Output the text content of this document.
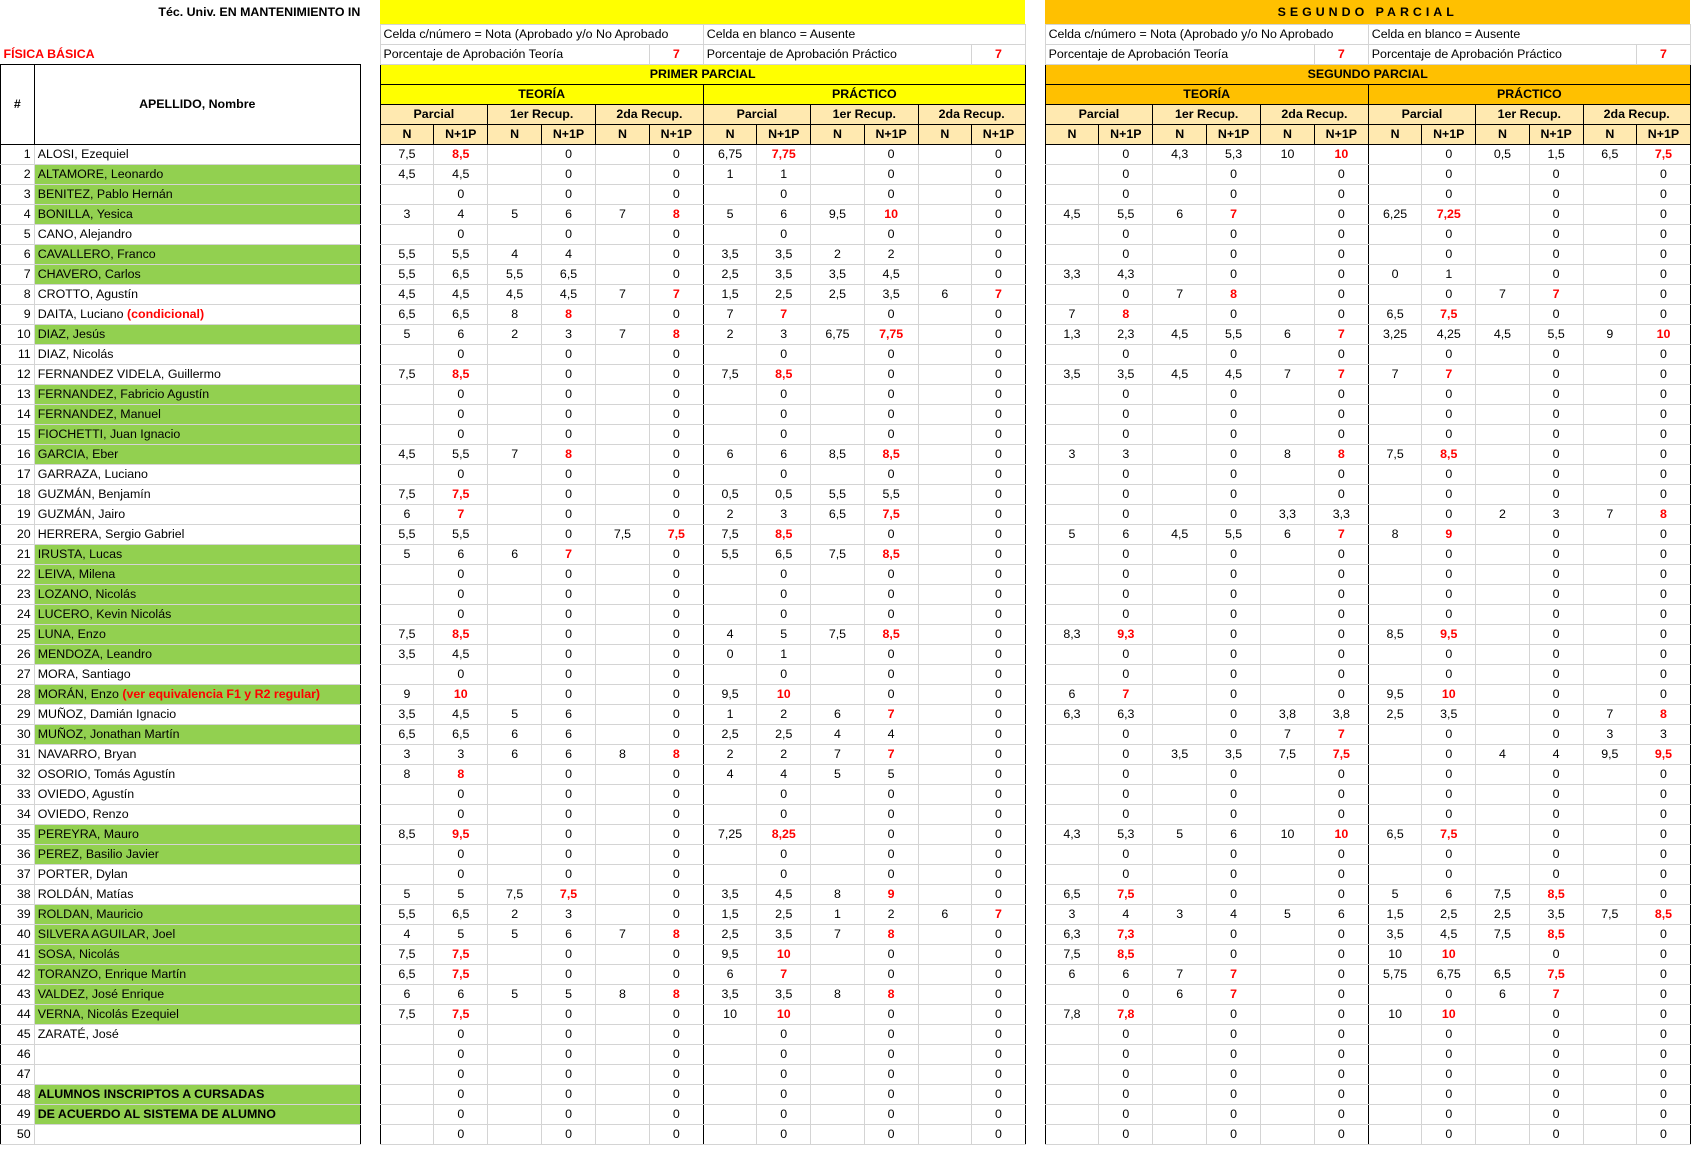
Téc. Univ. EN MANTENIMIENTO IN																SEGUNDO PARCIAL												
			Celda c/número = Nota (Aprobado y/o No Aprobado						Celda en blanco = Ausente							Celda c/número = Nota (Aprobado y/o No Aprobado						Celda en blanco = Ausente						
FÍSICA BÁSICA			Porcentaje de Aprobación Teoría					7	Porcentaje de Aprobación Práctico					7		Porcentaje de Aprobación Teoría					7	Porcentaje de Aprobación Práctico					7	
#	APELLIDO, Nombre		PRIMER PARCIAL													SEGUNDO PARCIAL												
			TEORÍA						PRÁCTICO							TEORÍA						PRÁCTICO						
			Parcial		1er Recup.		2da Recup.		Parcial		1er Recup.		2da Recup.			Parcial		1er Recup.		2da Recup.		Parcial		1er Recup.		2da Recup.		
			N	N+1P	N	N+1P	N	N+1P	N	N+1P	N	N+1P	N	N+1P		N	N+1P	N	N+1P	N	N+1P	N	N+1P	N	N+1P	N	N+1P	
1	ALOSI, Ezequiel		7,5	8,5		0		0	6,75	7,75		0		0			0	4,3	5,3	10	10		0	0,5	1,5	6,5	7,5	
2	ALTAMORE, Leonardo		4,5	4,5		0		0	1	1		0		0			0		0		0		0		0		0	
3	BENITEZ, Pablo Hernán			0		0		0		0		0		0			0		0		0		0		0		0	
4	BONILLA, Yesica		3	4	5	6	7	8	5	6	9,5	10		0		4,5	5,5	6	7		0	6,25	7,25		0		0	
5	CANO, Alejandro			0		0		0		0		0		0			0		0		0		0		0		0	
6	CAVALLERO, Franco		5,5	5,5	4	4		0	3,5	3,5	2	2		0			0		0		0		0		0		0	
7	CHAVERO, Carlos		5,5	6,5	5,5	6,5		0	2,5	3,5	3,5	4,5		0		3,3	4,3		0		0	0	1		0		0	
8	CROTTO, Agustín		4,5	4,5	4,5	4,5	7	7	1,5	2,5	2,5	3,5	6	7			0	7	8		0		0	7	7		0	
9	DAITA, Luciano (condicional)		6,5	6,5	8	8		0	7	7		0		0		7	8		0		0	6,5	7,5		0		0	
10	DIAZ, Jesús		5	6	2	3	7	8	2	3	6,75	7,75		0		1,3	2,3	4,5	5,5	6	7	3,25	4,25	4,5	5,5	9	10	
11	DIAZ, Nicolás			0		0		0		0		0		0			0		0		0		0		0		0	
12	FERNANDEZ VIDELA, Guillermo		7,5	8,5		0		0	7,5	8,5		0		0		3,5	3,5	4,5	4,5	7	7	7	7		0		0	
13	FERNANDEZ, Fabricio Agustín			0		0		0		0		0		0			0		0		0		0		0		0	
14	FERNANDEZ, Manuel			0		0		0		0		0		0			0		0		0		0		0		0	
15	FIOCHETTI, Juan Ignacio			0		0		0		0		0		0			0		0		0		0		0		0	
16	GARCIA, Eber		4,5	5,5	7	8		0	6	6	8,5	8,5		0		3	3		0	8	8	7,5	8,5		0		0	
17	GARRAZA, Luciano			0		0		0		0		0		0			0		0		0		0		0		0	
18	GUZMÁN, Benjamín		7,5	7,5		0		0	0,5	0,5	5,5	5,5		0			0		0		0		0		0		0	
19	GUZMÁN, Jairo		6	7		0		0	2	3	6,5	7,5		0			0		0	3,3	3,3		0	2	3	7	8	
20	HERRERA, Sergio Gabriel		5,5	5,5		0	7,5	7,5	7,5	8,5		0		0		5	6	4,5	5,5	6	7	8	9		0		0	
21	IRUSTA, Lucas		5	6	6	7		0	5,5	6,5	7,5	8,5		0			0		0		0		0		0		0	
22	LEIVA, Milena			0		0		0		0		0		0			0		0		0		0		0		0	
23	LOZANO, Nicolás			0		0		0		0		0		0			0		0		0		0		0		0	
24	LUCERO, Kevin Nicolás			0		0		0		0		0		0			0		0		0		0		0		0	
25	LUNA, Enzo		7,5	8,5		0		0	4	5	7,5	8,5		0		8,3	9,3		0		0	8,5	9,5		0		0	
26	MENDOZA, Leandro		3,5	4,5		0		0	0	1		0		0			0		0		0		0		0		0	
27	MORA, Santiago			0		0		0		0		0		0			0		0		0		0		0		0	
28	MORÁN, Enzo (ver equivalencia F1 y R2 regular)		9	10		0		0	9,5	10		0		0		6	7		0		0	9,5	10		0		0	
29	MUÑOZ, Damián Ignacio		3,5	4,5	5	6		0	1	2	6	7		0		6,3	6,3		0	3,8	3,8	2,5	3,5		0	7	8	
30	MUÑOZ, Jonathan Martín		6,5	6,5	6	6		0	2,5	2,5	4	4		0			0		0	7	7		0		0	3	3	
31	NAVARRO, Bryan		3	3	6	6	8	8	2	2	7	7		0			0	3,5	3,5	7,5	7,5		0	4	4	9,5	9,5	
32	OSORIO, Tomás Agustín		8	8		0		0	4	4	5	5		0			0		0		0		0		0		0	
33	OVIEDO, Agustín			0		0		0		0		0		0			0		0		0		0		0		0	
34	OVIEDO, Renzo			0		0		0		0		0		0			0		0		0		0		0		0	
35	PEREYRA, Mauro		8,5	9,5		0		0	7,25	8,25		0		0		4,3	5,3	5	6	10	10	6,5	7,5		0		0	
36	PEREZ, Basilio Javier			0		0		0		0		0		0			0		0		0		0		0		0	
37	PORTER, Dylan			0		0		0		0		0		0			0		0		0		0		0		0	
38	ROLDÁN, Matías		5	5	7,5	7,5		0	3,5	4,5	8	9		0		6,5	7,5		0		0	5	6	7,5	8,5		0	
39	ROLDAN, Mauricio		5,5	6,5	2	3		0	1,5	2,5	1	2	6	7		3	4	3	4	5	6	1,5	2,5	2,5	3,5	7,5	8,5	
40	SILVERA AGUILAR, Joel		4	5	5	6	7	8	2,5	3,5	7	8		0		6,3	7,3		0		0	3,5	4,5	7,5	8,5		0	
41	SOSA, Nicolás		7,5	7,5		0		0	9,5	10		0		0		7,5	8,5		0		0	10	10		0		0	
42	TORANZO, Enrique Martín		6,5	7,5		0		0	6	7		0		0		6	6	7	7		0	5,75	6,75	6,5	7,5		0	
43	VALDEZ, José Enrique		6	6	5	5	8	8	3,5	3,5	8	8		0			0	6	7		0		0	6	7		0	
44	VERNA, Nicolás Ezequiel		7,5	7,5		0		0	10	10		0		0		7,8	7,8		0		0	10	10		0		0	
45	ZARATÉ, José			0		0		0		0		0		0			0		0		0		0		0		0	
46				0		0		0		0		0		0			0		0		0		0		0		0	
47				0		0		0		0		0		0			0		0		0		0		0		0	
48	ALUMNOS INSCRIPTOS A CURSADAS			0		0		0		0		0		0			0		0		0		0		0		0	
49	DE ACUERDO AL SISTEMA DE ALUMNO			0		0		0		0		0		0			0		0		0		0		0		0	
50				0		0		0		0		0		0			0		0		0		0		0		0	
